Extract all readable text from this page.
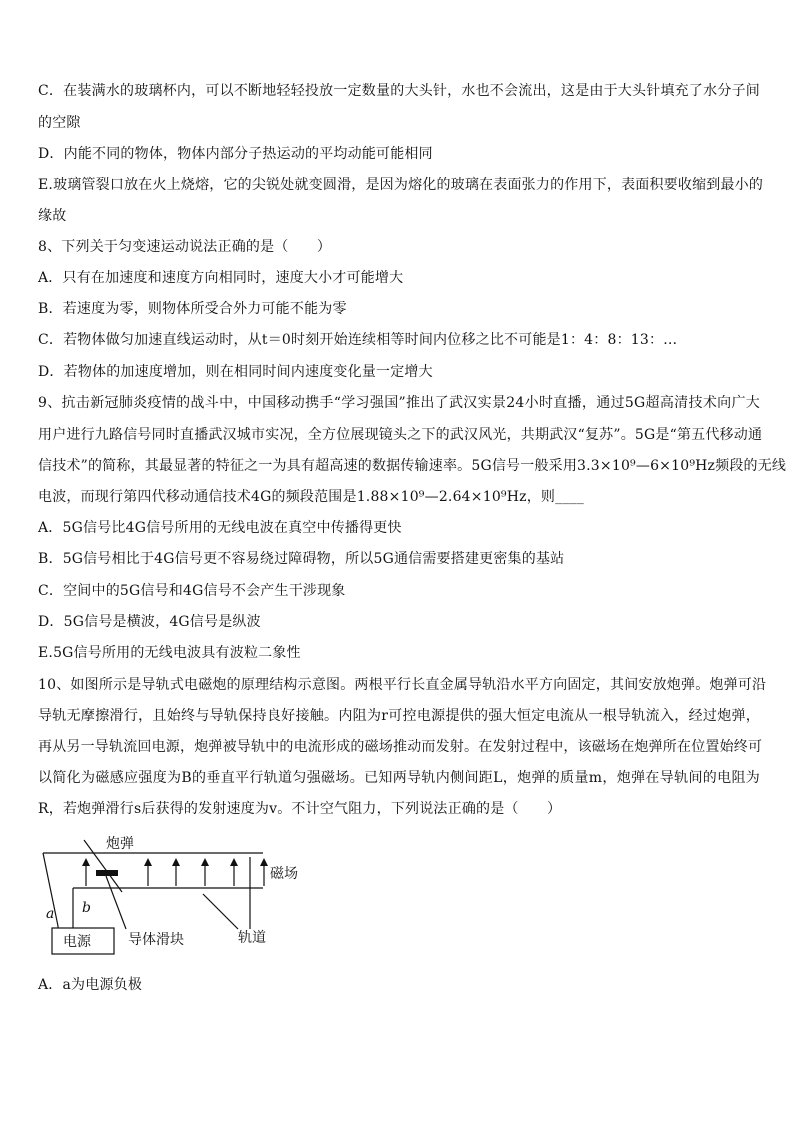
C．在装满水的玻璃杯内，可以不断地轻轻投放一定数量的大头针，水也不会流出，这是由于大头针填充了水分子间
的空隙
D．内能不同的物体，物体内部分子热运动的平均动能可能相同
E.玻璃管裂口放在火上烧熔，它的尖锐处就变圆滑，是因为熔化的玻璃在表面张力的作用下，表面积要收缩到最小的
缘故
8、下列关于匀变速运动说法正确的是（　　）
A．只有在加速度和速度方向相同时，速度大小才可能增大
B．若速度为零，则物体所受合外力可能不能为零
C．若物体做匀加速直线运动时，从t＝0时刻开始连续相等时间内位移之比不可能是1：4：8：13：…
D．若物体的加速度增加，则在相同时间内速度变化量一定增大
9、抗击新冠肺炎疫情的战斗中，中国移动携手“学习强国”推出了武汉实景24小时直播，通过5G超高清技术向广大
用户进行九路信号同时直播武汉城市实况，全方位展现镜头之下的武汉风光，共期武汉“复苏”。5G是“第五代移动通
信技术”的简称，其最显著的特征之一为具有超高速的数据传输速率。5G信号一般采用3.3×10⁹—6×10⁹Hz频段的无线
电波，而现行第四代移动通信技术4G的频段范围是1.88×10⁹—2.64×10⁹Hz，则____
A．5G信号比4G信号所用的无线电波在真空中传播得更快
B．5G信号相比于4G信号更不容易绕过障碍物，所以5G通信需要搭建更密集的基站
C．空间中的5G信号和4G信号不会产生干涉现象
D．5G信号是横波，4G信号是纵波
E.5G信号所用的无线电波具有波粒二象性
10、如图所示是导轨式电磁炮的原理结构示意图。两根平行长直金属导轨沿水平方向固定，其间安放炮弹。炮弹可沿
导轨无摩擦滑行，且始终与导轨保持良好接触。内阻为r可控电源提供的强大恒定电流从一根导轨流入，经过炮弹，
再从另一导轨流回电源，炮弹被导轨中的电流形成的磁场推动而发射。在发射过程中，该磁场在炮弹所在位置始终可
以简化为磁感应强度为B的垂直平行轨道匀强磁场。已知两导轨内侧间距L，炮弹的质量m，炮弹在导轨间的电阻为
R，若炮弹滑行s后获得的发射速度为v。不计空气阻力，下列说法正确的是（　　）
炮弹
磁场
a b
电源	导体滑块	轨道
A．a为电源负极
